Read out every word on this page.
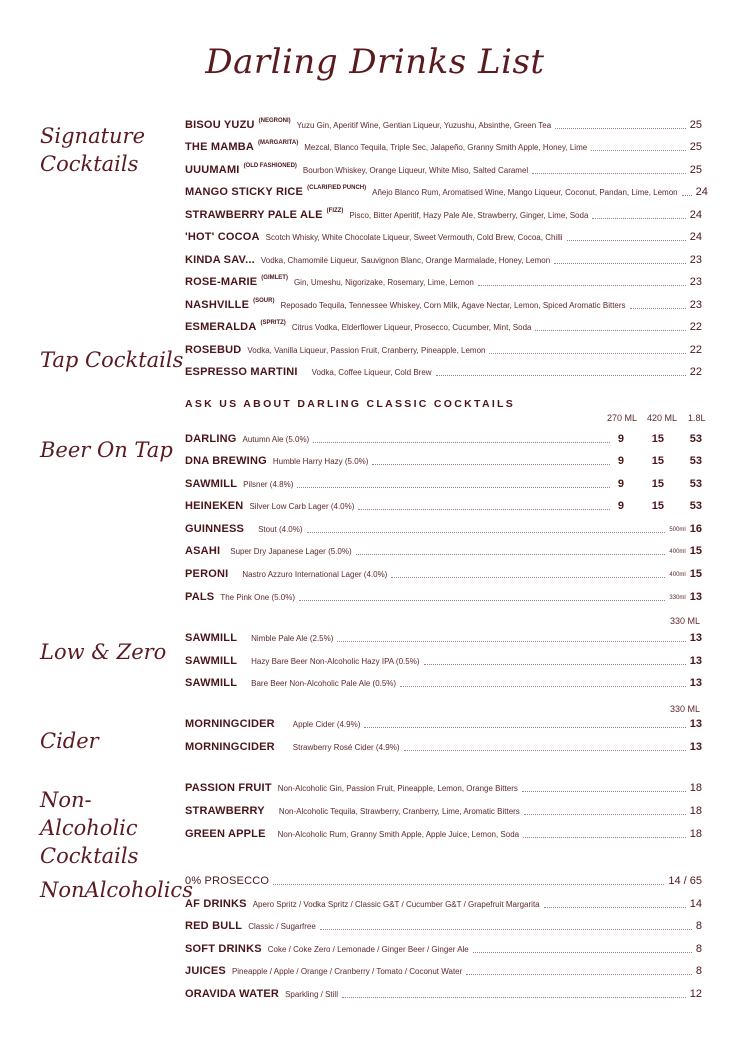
Darling Drinks List
Signature Cocktails
Tap Cocktails
Beer On Tap
Low & Zero
Cider
Non-Alcoholic Cocktails
NonAlcoholics
BISOU YUZU (NEGRONI) Yuzu Gin, Aperitif Wine, Gentian Liqueur, Yuzushu, Absinthe, Green Tea	25
THE MAMBA (MARGARITA) Mezcal, Blanco Tequila, Triple Sec, Jalapeño, Granny Smith Apple, Honey, Lime	25
UUUMAMI (OLD FASHIONED) Bourbon Whiskey, Orange Liqueur, White Miso, Salted Caramel	25
MANGO STICKY RICE (CLARIFIED PUNCH) Añejo Blanco Rum, Aromatised Wine, Mango Liqueur, Coconut, Pandan, Lime, Lemon 24
STRAWBERRY PALE ALE (FIZZ) Pisco, Bitter Aperitif, Hazy Pale Ale, Strawberry, Ginger, Lime, Soda	24
'HOT' COCOA Scotch Whisky, White Chocolate Liqueur, Sweet Vermouth, Cold Brew, Cocoa, Chilli	24
KINDA SAV... Vodka, Chamomile Liqueur, Sauvignon Blanc, Orange Marmalade, Honey, Lemon	23
ROSE-MARIE (GIMLET) Gin, Umeshu, Nigorizake, Rosemary, Lime, Lemon	23
NASHVILLE (SOUR) Reposado Tequila, Tennessee Whiskey, Corn Milk, Agave Nectar, Lemon, Spiced Aromatic Bitters	23
ESMERALDA (SPRITZ) Citrus Vodka, Elderflower Liqueur, Prosecco, Cucumber, Mint, Soda	22
ROSEBUD Vodka, Vanilla Liqueur, Passion Fruit, Cranberry, Pineapple, Lemon	22
ESPRESSO MARTINI Vodka, Coffee Liqueur, Cold Brew	22
ASK US ABOUT DARLING CLASSIC COCKTAILS
270 ML 420 ML 1.8L
DARLING Autumn Ale (5.0%)	9	15	53
DNA BREWING Humble Harry Hazy (5.0%)	9	15	53
SAWMILL Pilsner (4.8%)	9	15	53
HEINEKEN Silver Low Carb Lager (4.0%)	9	15	53
GUINNESS Stout (4.0%)	500ml 16
ASAHI Super Dry Japanese Lager (5.0%)	400ml 15
PERONI Nastro Azzuro International Lager (4.0%)	400ml 15
PALS The Pink One (5.0%)	330ml 13
330 ML
SAWMILL Nimble Pale Ale (2.5%)	13
SAWMILL Hazy Bare Beer Non-Alcoholic Hazy IPA (0.5%)	13
SAWMILL Bare Beer Non-Alcoholic Pale Ale (0.5%)	13
330 ML
MORNINGCIDER Apple Cider (4.9%)	13
MORNINGCIDER Strawberry Rosé Cider (4.9%)	13
PASSION FRUIT Non-Alcoholic Gin, Passion Fruit, Pineapple, Lemon, Orange Bitters	18
STRAWBERRY Non-Alcoholic Tequila, Strawberry, Cranberry, Lime, Aromatic Bitters	18
GREEN APPLE Non-Alcoholic Rum, Granny Smith Apple, Apple Juice, Lemon, Soda	18
0% PROSECCO	14 / 65
AF DRINKS Apero Spritz / Vodka Spritz / Classic G&T / Cucumber G&T / Grapefruit Margarita	14
RED BULL Classic / Sugarfree	8
SOFT DRINKS Coke / Coke Zero / Lemonade / Ginger Beer / Ginger Ale	8
JUICES Pineapple / Apple / Orange / Cranberry / Tomato / Coconut Water	8
ORAVIDA WATER Sparkling / Still	12
